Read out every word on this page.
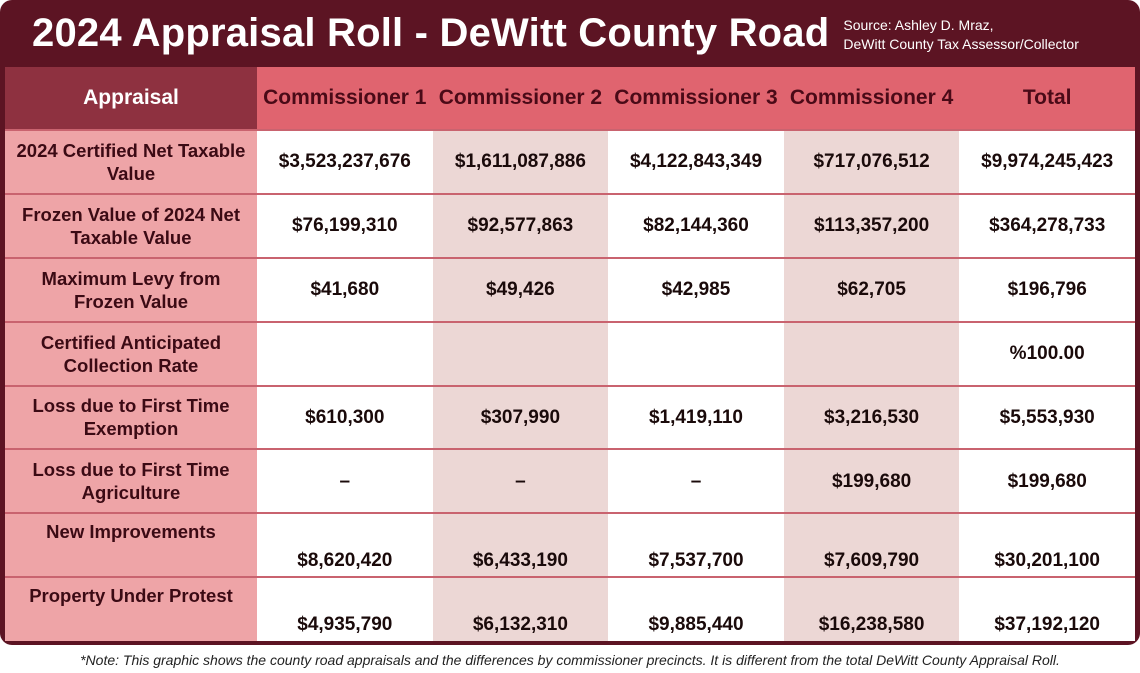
2024 Appraisal Roll - DeWitt County Road Source: Ashley D. Mraz,
DeWitt County Tax Assessor/Collector
Appraisal	Commissioner 1	Commissioner 2	Commissioner 3	Commissioner 4	Total
2024 Certified Net Taxable Value	$3,523,237,676	$1,611,087,886	$4,122,843,349	$717,076,512	$9,974,245,423
Frozen Value of 2024 Net Taxable Value	$76,199,310	$92,577,863	$82,144,360	$113,357,200	$364,278,733
Maximum Levy from Frozen Value	$41,680	$49,426	$42,985	$62,705	$196,796
Certified Anticipated Collection Rate					%100.00
Loss due to First Time Exemption	$610,300	$307,990	$1,419,110	$3,216,530	$5,553,930
Loss due to First Time Agriculture	–	–	–	$199,680	$199,680
New Improvements	$8,620,420	$6,433,190	$7,537,700	$7,609,790	$30,201,100
Property Under Protest	$4,935,790	$6,132,310	$9,885,440	$16,238,580	$37,192,120
*Note: This graphic shows the county road appraisals and the differences by commissioner precincts. It is different from the total DeWitt County Appraisal Roll.
